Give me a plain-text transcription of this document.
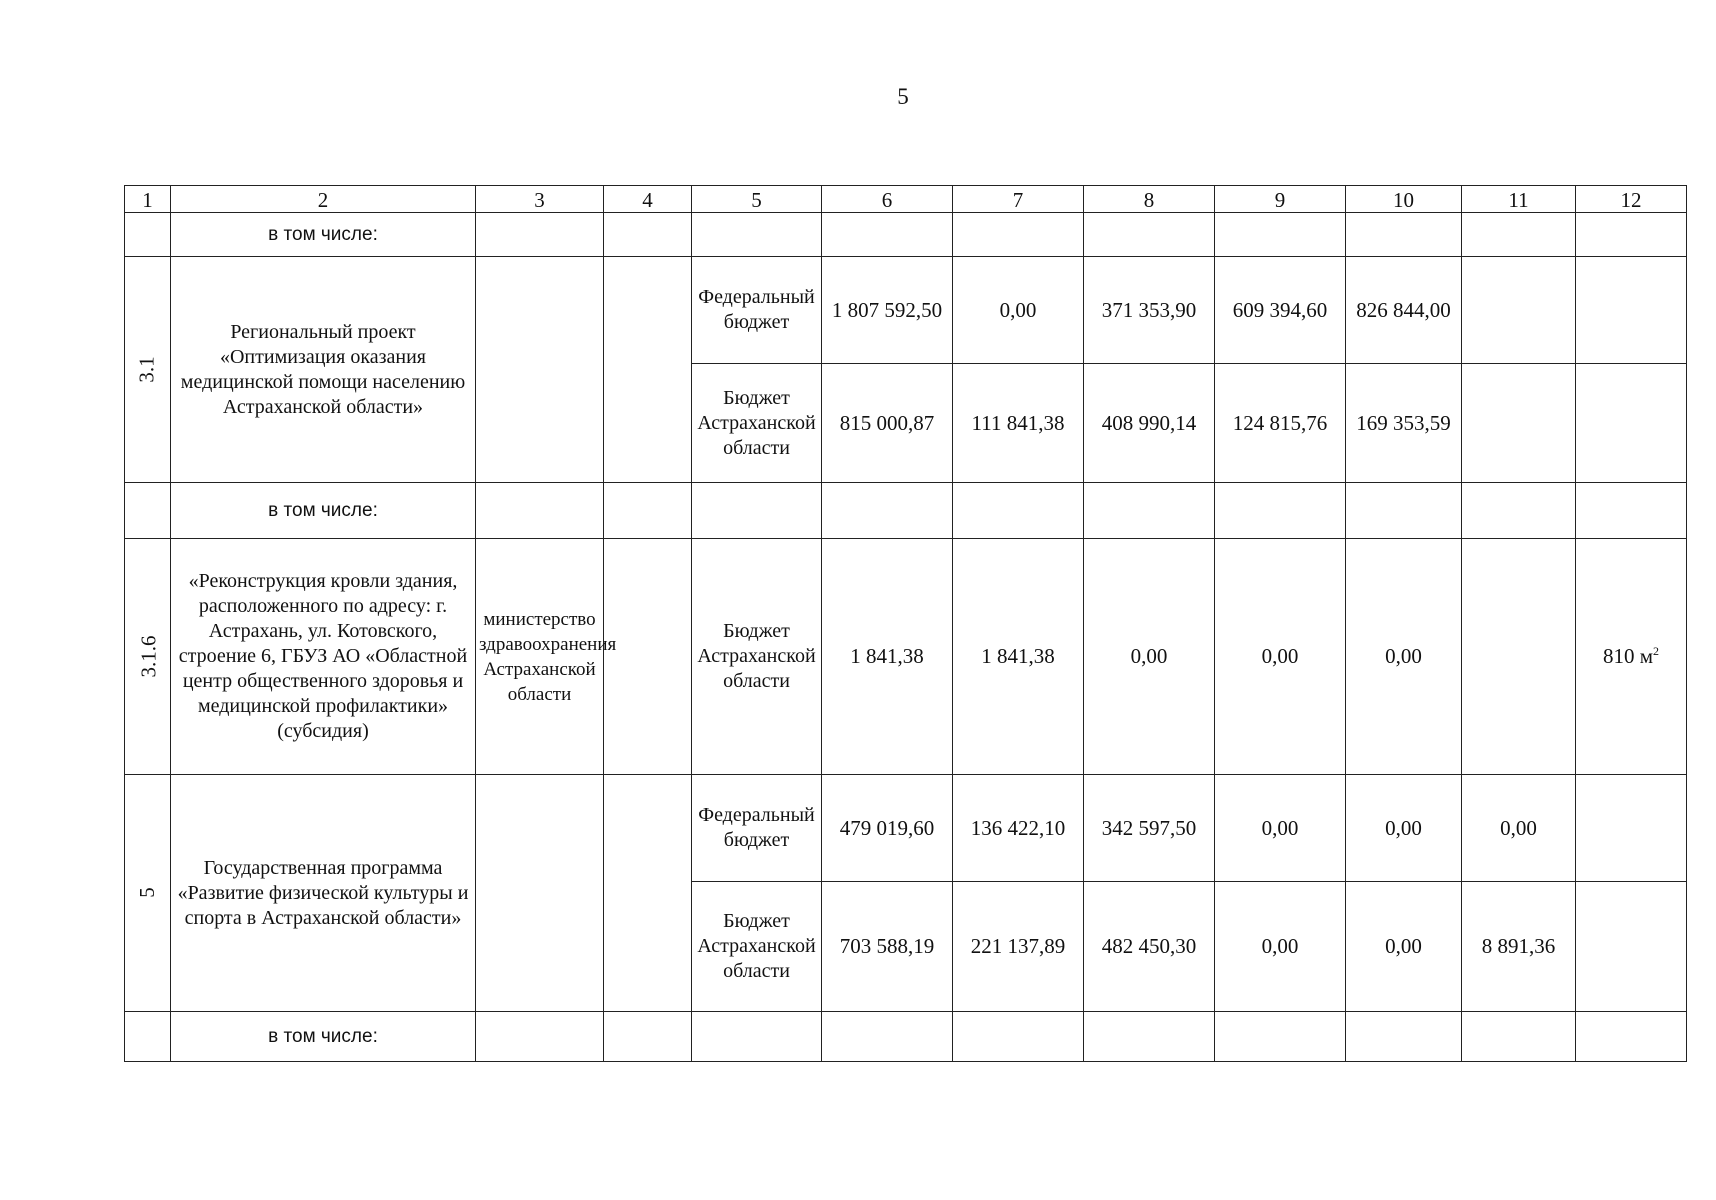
5
1	2	3	4	5	6	7	8	9	10	11	12
	в том числе:										
3.1	Региональный проект «Оптимизация оказания медицинской помощи населению Астраханской области»			Федеральный бюджет	1 807 592,50	0,00	371 353,90	609 394,60	826 844,00		
				Бюджет Астраханской области	815 000,87	111 841,38	408 990,14	124 815,76	169 353,59		
	в том числе:										
3.1.6	«Реконструкция кровли здания, расположенного по адресу: г. Астрахань, ул. Котовского, строение 6, ГБУЗ АО «Областной центр общественного здоровья и медицинской профилактики» (субсидия)	министерство здравоохранения Астраханской области		Бюджет Астраханской области	1 841,38	1 841,38	0,00	0,00	0,00		810 $м^2$
5	Государственная программа «Развитие физической культуры и спорта в Астраханской области»			Федеральный бюджет	479 019,60	136 422,10	342 597,50	0,00	0,00	0,00	
				Бюджет Астраханской области	703 588,19	221 137,89	482 450,30	0,00	0,00	8 891,36	
	в том числе:										
